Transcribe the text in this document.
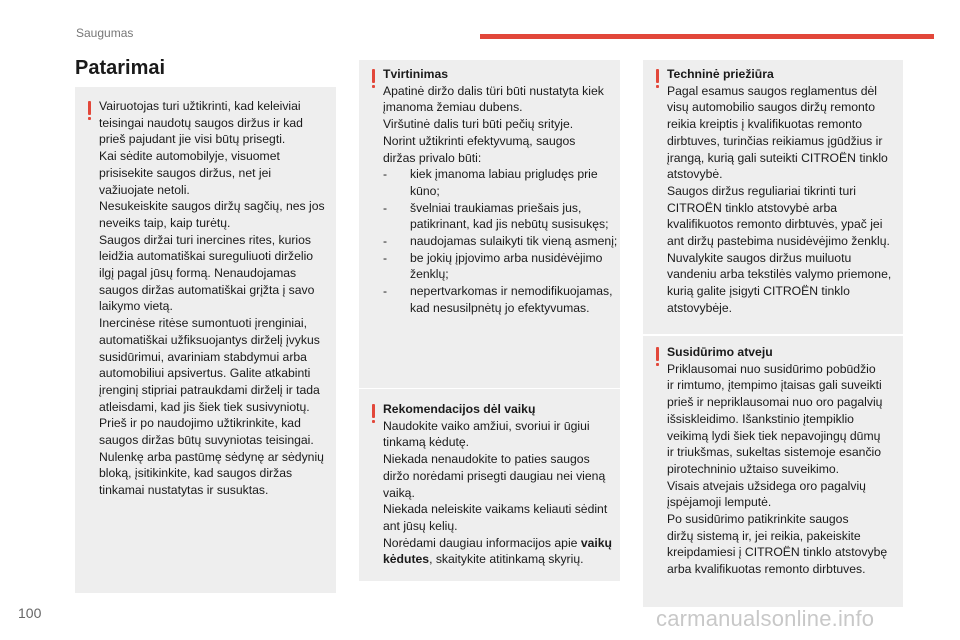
Saugumas
Patarimai
Vairuotojas turi užtikrinti, kad keleiviai
teisingai naudotų saugos diržus ir kad
prieš pajudant jie visi būtų prisegti.
Kai sėdite automobilyje, visuomet
prisisekite saugos diržus, net jei
važiuojate netoli.
Nesukeiskite saugos diržų sagčių, nes jos
neveiks taip, kaip turėtų.
Saugos diržai turi inercines rites, kurios
leidžia automatiškai sureguliuoti diržel͏io
ilgį pagal jūsų formą. Nenaudojamas
saugos diržas automatiškai grįžta į savo
laikymo vietą.
Inercinėse ritėse sumontuoti įrenginiai,
automatiškai užfiksuojantys diržel͏į įvykus
susidūrimui, avariniam stabdymui arba
automobiliui apsivertus. Galite atkabinti
įrenginį stipriai patraukdami diržel͏į ir tada
atleisdami, kad jis šiek tiek susivyniotų.
Prieš ir po naudojimo užtikrinkite, kad
saugos diržas būtų suvyniotas teisingai.
Nulenkę arba pastūmę sėdynę ar sėdynių
bloką, įsitikinkite, kad saugos diržas
tinkamai nustatytas ir susuktas.
Tvirtinimas
Apatinė diržo dalis türi būti nustatyta kiek
įmanoma žemiau dubens.
Viršutinė dalis turi būti pečių srityje.
Norint užtikrinti efektyvumą, saugos
diržas privalo būti:
- kiek įmanoma labiau prigludęs prie
kūno;
- švelniai traukiamas priešais jus,
patikrinant, kad jis nebūtų susisukęs;
- naudojamas sulaikyti tik vieną asmenį;
- be jokių įpjovimo arba nusidėvėjimo
ženklų;
- nepertvarkomas ir nemodifikuojamas,
kad nesusilpnėtų jo efektyvumas.
Rekomendacijos dėl vaikų
Naudokite vaiko amžiui, svoriui ir ūgiui
tinkamą kėdutę.
Niekada nenaudokite to paties saugos
diržo norėdami prisegti daugiau nei vieną
vaiką.
Niekada neleiskite vaikams keliauti sėdint
ant jūsų kelių.
Norėdami daugiau informacijos apie vaikų
kėdutes, skaitykite atitinkamą skyrių.
Techninė priežiūra
Pagal esamus saugos reglamentus dėl
visų automobilio saugos diržų remonto
reikia kreiptis į kvalifikuotas remonto
dirbtuves, turinčias reikiamus įgūdžius ir
įrangą, kurią gali suteikti CITROËN tinklo
atstovybė.
Saugos diržus reguliariai tikrinti turi
CITROËN tinklo atstovybė arba
kvalifikuotos remonto dirbtuvės, ypač jei
ant diržų pastebima nusidėvėjimo ženklų.
Nuvalykite saugos diržus muiluotu
vandeniu arba tekstilės valymo priemone,
kurią galite įsigyti CITROËN tinklo
atstovybėje.
Susidūrimo atveju
Priklausomai nuo susidūrimo pobūdžio
ir rimtumo, įtempimo įtaisas gali suveikti
prieš ir nepriklausomai nuo oro pagalvių
išsiskleidimo. Išankstinio įtempiklio
veikimą lydi šiek tiek nepavojingų dūmų
ir triukšmas, sukeltas sistemoje esančio
pirotechninio užtaiso suveikimo.
Visais atvejais užsidega oro pagalvių
įspėjamoji lemputė.
Po susidūrimo patikrinkite saugos
diržų sistemą ir, jei reikia, pakeiskite
kreipdamiesi į CITROËN tinklo atstovybę
arba kvalifikuotas remonto dirbtuves.
100	carmanualsonline.info
